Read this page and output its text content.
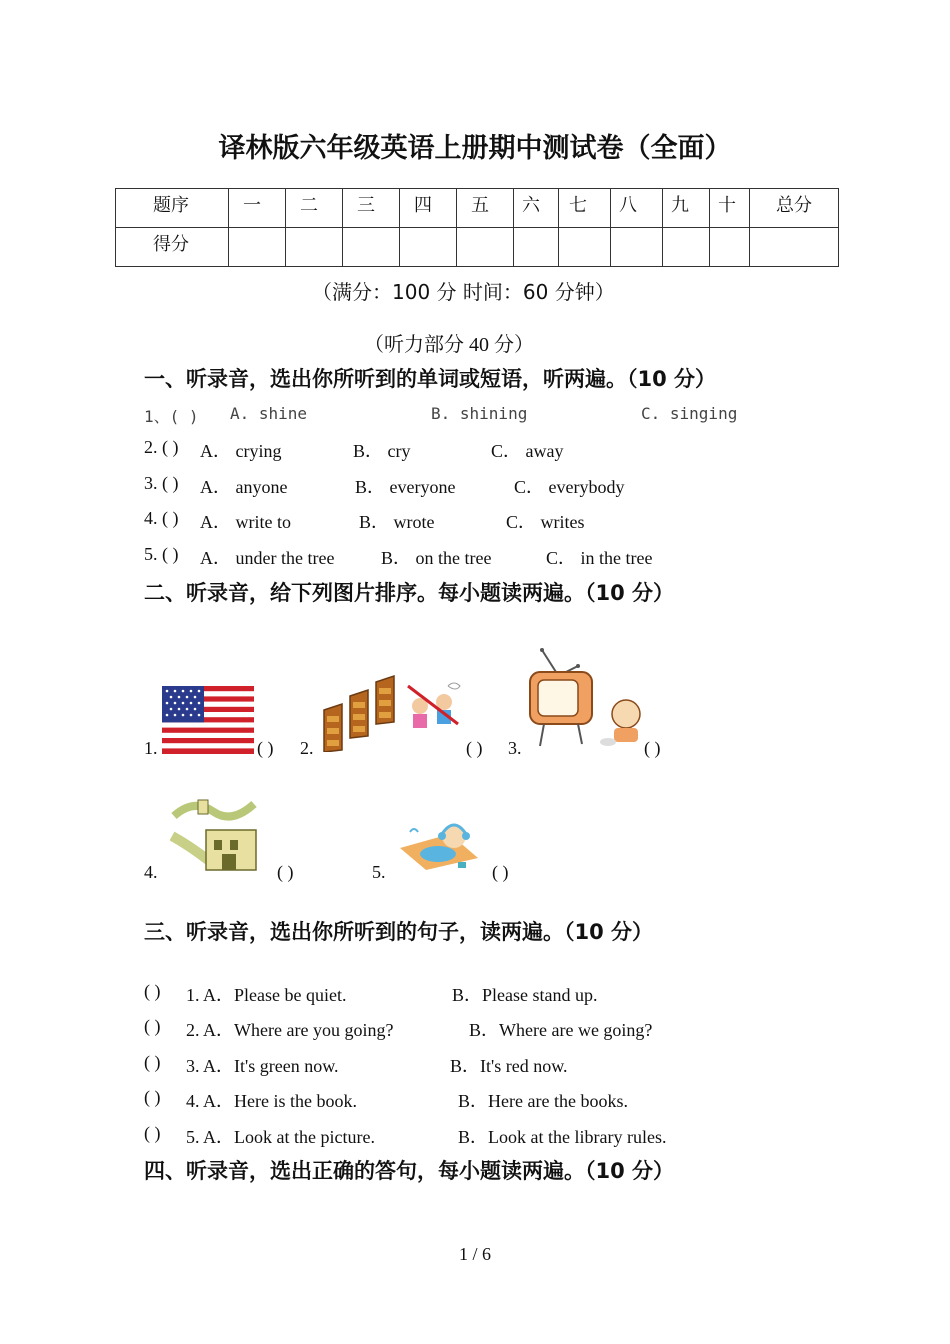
译林版六年级英语上册期中测试卷（全面）
题序	一	二	三	四	五	六	七	八	九	十	总分
得分											
（满分：100 分 时间：60 分钟）
（听力部分 40 分）
一、听录音，选出你所听到的单词或短语，听两遍。（10 分）
1、( ) A. shine	B. shining	C. singing
2. ( ) A． crying	B． cry	C． away
3. ( ) A． anyone	B． everyone	C． everybody
4. ( ) A． write to	B． wrote	C． writes
5. ( ) A． under the tree	B． on the tree	C． in the tree
二、听录音，给下列图片排序。每小题读两遍。（10 分）
1.	( ) 2.	( ) 3.	( )
4.	( )	5.	( )
三、听录音，选出你所听到的句子，读两遍。（10 分）
( ) 1. A．Please be quiet.	B．Please stand up.
( ) 2. A．Where are you going?	B．Where are we going?
( ) 3. A．It's green now.	B．It's red now.
( ) 4. A．Here is the book.	B．Here are the books.
( ) 5. A．Look at the picture.	B．Look at the library rules.
四、听录音，选出正确的答句，每小题读两遍。（10 分）
1 / 6
